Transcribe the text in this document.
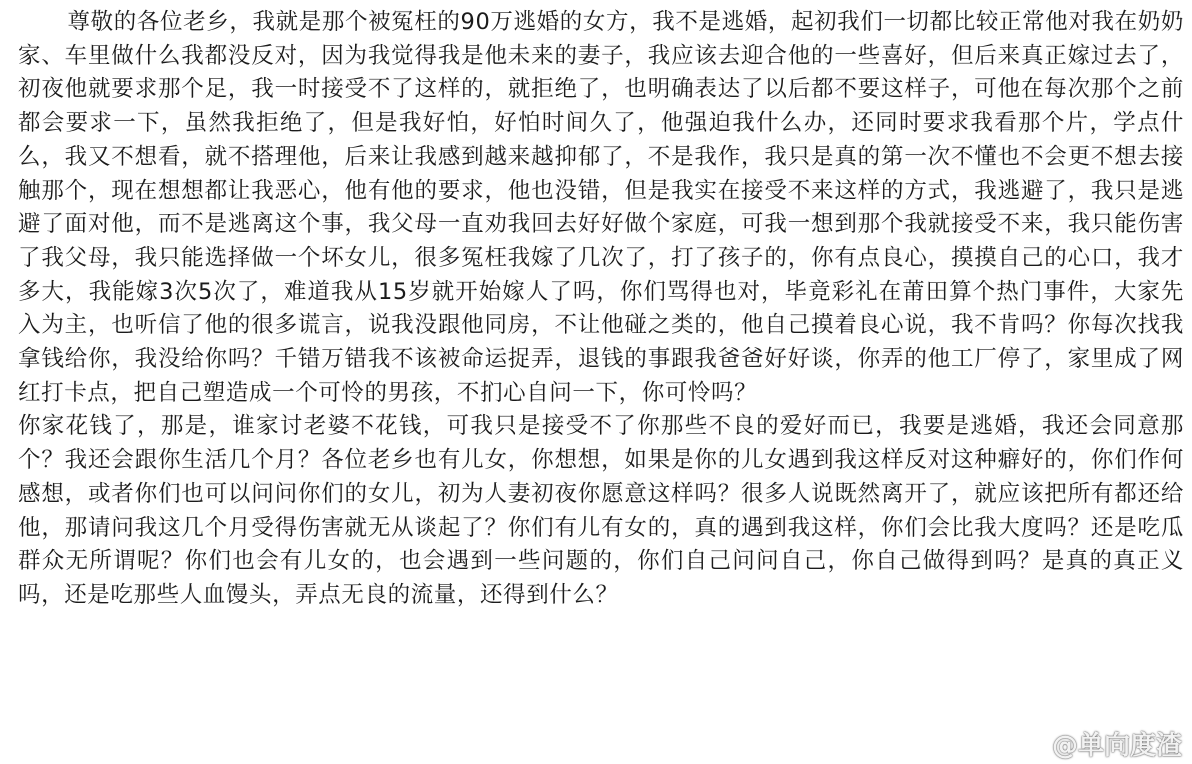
尊敬的各位老乡，我就是那个被冤枉的90万逃婚的女方，我不是逃婚，起初我们一切都比较正常他对我在奶奶家、车里做什么我都没反对，因为我觉得我是他未来的妻子，我应该去迎合他的一些喜好，但后来真正嫁过去了，初夜他就要求那个足，我一时接受不了这样的，就拒绝了，也明确表达了以后都不要这样子，可他在每次那个之前都会要求一下，虽然我拒绝了，但是我好怕，好怕时间久了，他强迫我什么办，还同时要求我看那个片，学点什么，我又不想看，就不搭理他，后来让我感到越来越抑郁了，不是我作，我只是真的第一次不懂也不会更不想去接触那个，现在想想都让我恶心，他有他的要求，他也没错，但是我实在接受不来这样的方式，我逃避了，我只是逃避了面对他，而不是逃离这个事，我父母一直劝我回去好好做个家庭，可我一想到那个我就接受不来，我只能伤害了我父母，我只能选择做一个坏女儿，很多冤枉我嫁了几次了，打了孩子的，你有点良心，摸摸自己的心口，我才多大，我能嫁3次5次了，难道我从15岁就开始嫁人了吗，你们骂得也对，毕竟彩礼在莆田算个热门事件，大家先入为主，也听信了他的很多谎言，说我没跟他同房，不让他碰之类的，他自己摸着良心说，我不肯吗？你每次找我拿钱给你，我没给你吗？千错万错我不该被命运捉弄，退钱的事跟我爸爸好好谈，你弄的他工厂停了，家里成了网红打卡点，把自己塑造成一个可怜的男孩，不扪心自问一下，你可怜吗？

你家花钱了，那是，谁家讨老婆不花钱，可我只是接受不了你那些不良的爱好而已，我要是逃婚，我还会同意那个？我还会跟你生活几个月？各位老乡也有儿女，你想想，如果是你的儿女遇到我这样反对这种癖好的，你们作何感想，或者你们也可以问问你们的女儿，初为人妻初夜你愿意这样吗？很多人说既然离开了，就应该把所有都还给他，那请问我这几个月受得伤害就无从谈起了？你们有儿有女的，真的遇到我这样，你们会比我大度吗？还是吃瓜群众无所谓呢？你们也会有儿女的，也会遇到一些问题的，你们自己问问自己，你自己做得到吗？是真的真正义吗，还是吃那些人血馒头，弄点无良的流量，还得到什么？

@单向度渣
